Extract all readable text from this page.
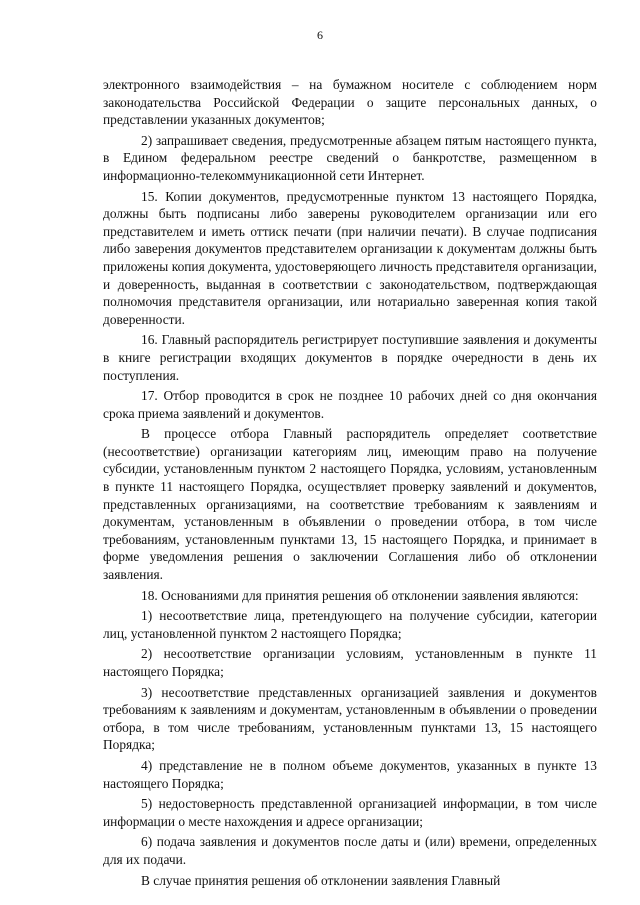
6

электронного взаимодействия – на бумажном носителе с соблюдением норм законодательства Российской Федерации о защите персональных данных, о представлении указанных документов;

2) запрашивает сведения, предусмотренные абзацем пятым настоящего пункта, в Едином федеральном реестре сведений о банкротстве, размещенном в информационно-телекоммуникационной сети Интернет.

15. Копии документов, предусмотренные пунктом 13 настоящего Порядка, должны быть подписаны либо заверены руководителем организации или его представителем и иметь оттиск печати (при наличии печати). В случае подписания либо заверения документов представителем организации к документам должны быть приложены копия документа, удостоверяющего личность представителя организации, и доверенность, выданная в соответствии с законодательством, подтверждающая полномочия представителя организации, или нотариально заверенная копия такой доверенности.

16. Главный распорядитель регистрирует поступившие заявления и документы в книге регистрации входящих документов в порядке очередности в день их поступления.

17. Отбор проводится в срок не позднее 10 рабочих дней со дня окончания срока приема заявлений и документов.

В процессе отбора Главный распорядитель определяет соответствие (несоответствие) организации категориям лиц, имеющим право на получение субсидии, установленным пунктом 2 настоящего Порядка, условиям, установленным в пункте 11 настоящего Порядка, осуществляет проверку заявлений и документов, представленных организациями, на соответствие требованиям к заявлениям и документам, установленным в объявлении о проведении отбора, в том числе требованиям, установленным пунктами 13, 15 настоящего Порядка, и принимает в форме уведомления решения о заключении Соглашения либо об отклонении заявления.

18. Основаниями для принятия решения об отклонении заявления являются:

1) несоответствие лица, претендующего на получение субсидии, категории лиц, установленной пунктом 2 настоящего Порядка;

2) несоответствие организации условиям, установленным в пункте 11 настоящего Порядка;

3) несоответствие представленных организацией заявления и документов требованиям к заявлениям и документам, установленным в объявлении о проведении отбора, в том числе требованиям, установленным пунктами 13, 15 настоящего Порядка;

4) представление не в полном объеме документов, указанных в пункте 13 настоящего Порядка;

5) недостоверность представленной организацией информации, в том числе информации о месте нахождения и адресе организации;

6) подача заявления и документов после даты и (или) времени, определенных для их подачи.

В случае принятия решения об отклонении заявления Главный
